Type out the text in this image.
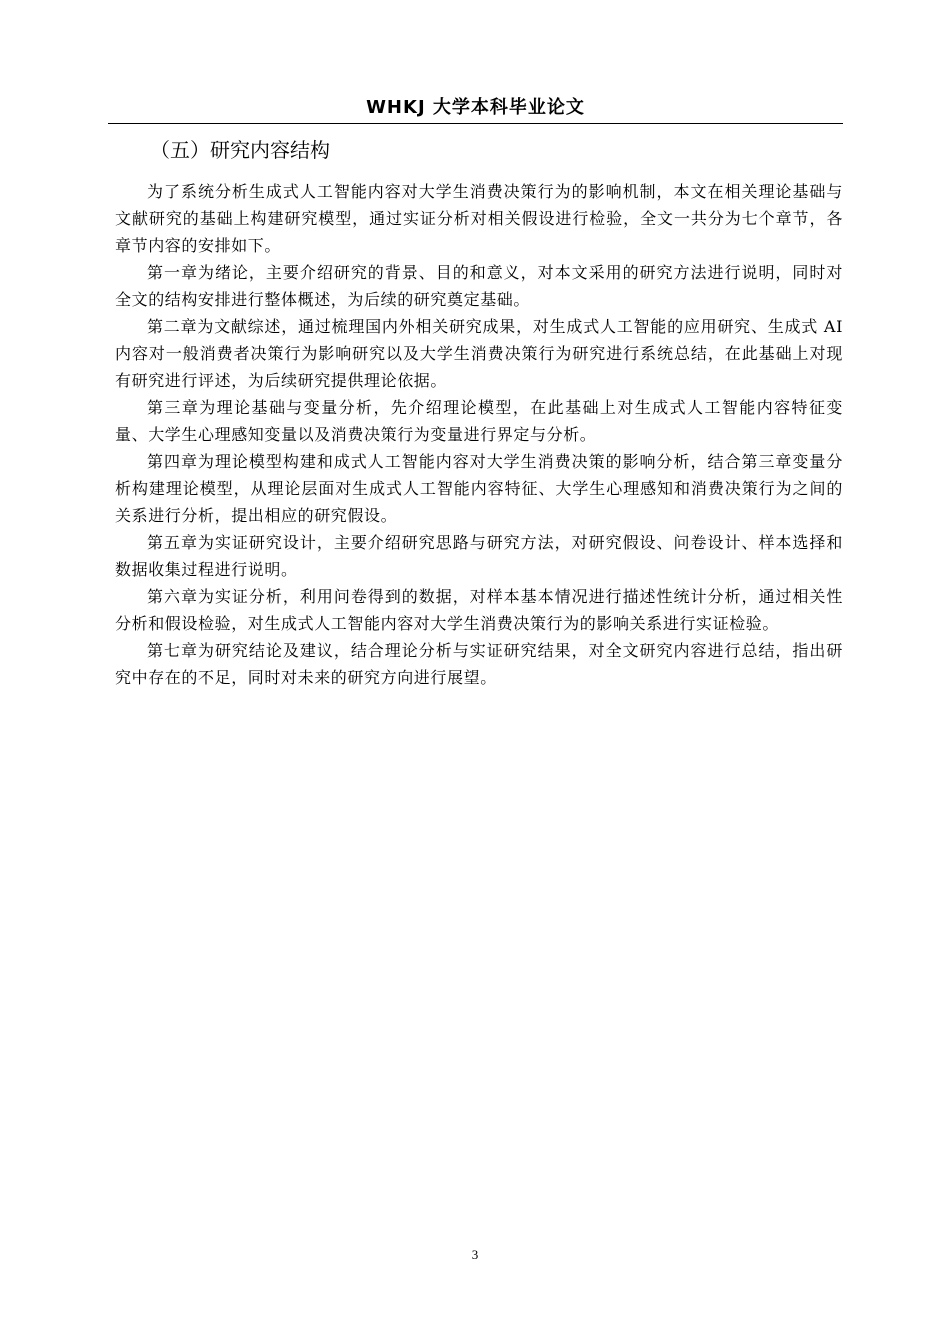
WHKJ 大学本科毕业论文
（五）研究内容结构

为了系统分析生成式人工智能内容对大学生消费决策行为的影响机制，本文在相关理论基础与文献研究的基础上构建研究模型，通过实证分析对相关假设进行检验，全文一共分为七个章节，各章节内容的安排如下。

第一章为绪论，主要介绍研究的背景、目的和意义，对本文采用的研究方法进行说明，同时对全文的结构安排进行整体概述，为后续的研究奠定基础。

第二章为文献综述，通过梳理国内外相关研究成果，对生成式人工智能的应用研究、生成式 AI 内容对一般消费者决策行为影响研究以及大学生消费决策行为研究进行系统总结，在此基础上对现有研究进行评述，为后续研究提供理论依据。

第三章为理论基础与变量分析，先介绍理论模型，在此基础上对生成式人工智能内容特征变量、大学生心理感知变量以及消费决策行为变量进行界定与分析。

第四章为理论模型构建和成式人工智能内容对大学生消费决策的影响分析，结合第三章变量分析构建理论模型，从理论层面对生成式人工智能内容特征、大学生心理感知和消费决策行为之间的关系进行分析，提出相应的研究假设。

第五章为实证研究设计，主要介绍研究思路与研究方法，对研究假设、问卷设计、样本选择和数据收集过程进行说明。

第六章为实证分析，利用问卷得到的数据，对样本基本情况进行描述性统计分析，通过相关性分析和假设检验，对生成式人工智能内容对大学生消费决策行为的影响关系进行实证检验。

第七章为研究结论及建议，结合理论分析与实证研究结果，对全文研究内容进行总结，指出研究中存在的不足，同时对未来的研究方向进行展望。

3
